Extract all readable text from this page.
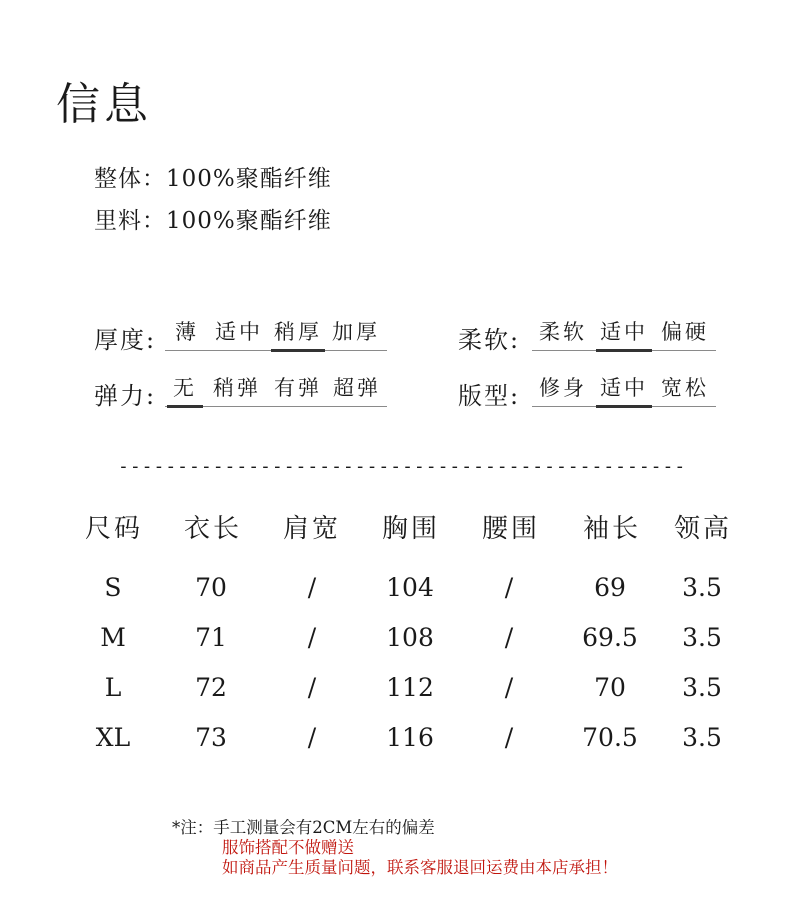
信息
整体：100%聚酯纤维
里料：100%聚酯纤维
厚度: 薄 适中 稍厚 加厚	柔软: 柔软 适中 偏硬
弹力: 无 稍弹 有弹 超弹	版型: 修身 适中 宽松
------------------------------------------------
尺码	衣长	肩宽	胸围	腰围	袖长	领高
S	70	/	104	/	69	3.5
M	71	/	108	/	69.5	3.5
L	72	/	112	/	70	3.5
XL	73	/	116	/	70.5	3.5
*注：手工测量会有2CM左右的偏差
服饰搭配不做赠送
如商品产生质量问题，联系客服退回运费由本店承担！
